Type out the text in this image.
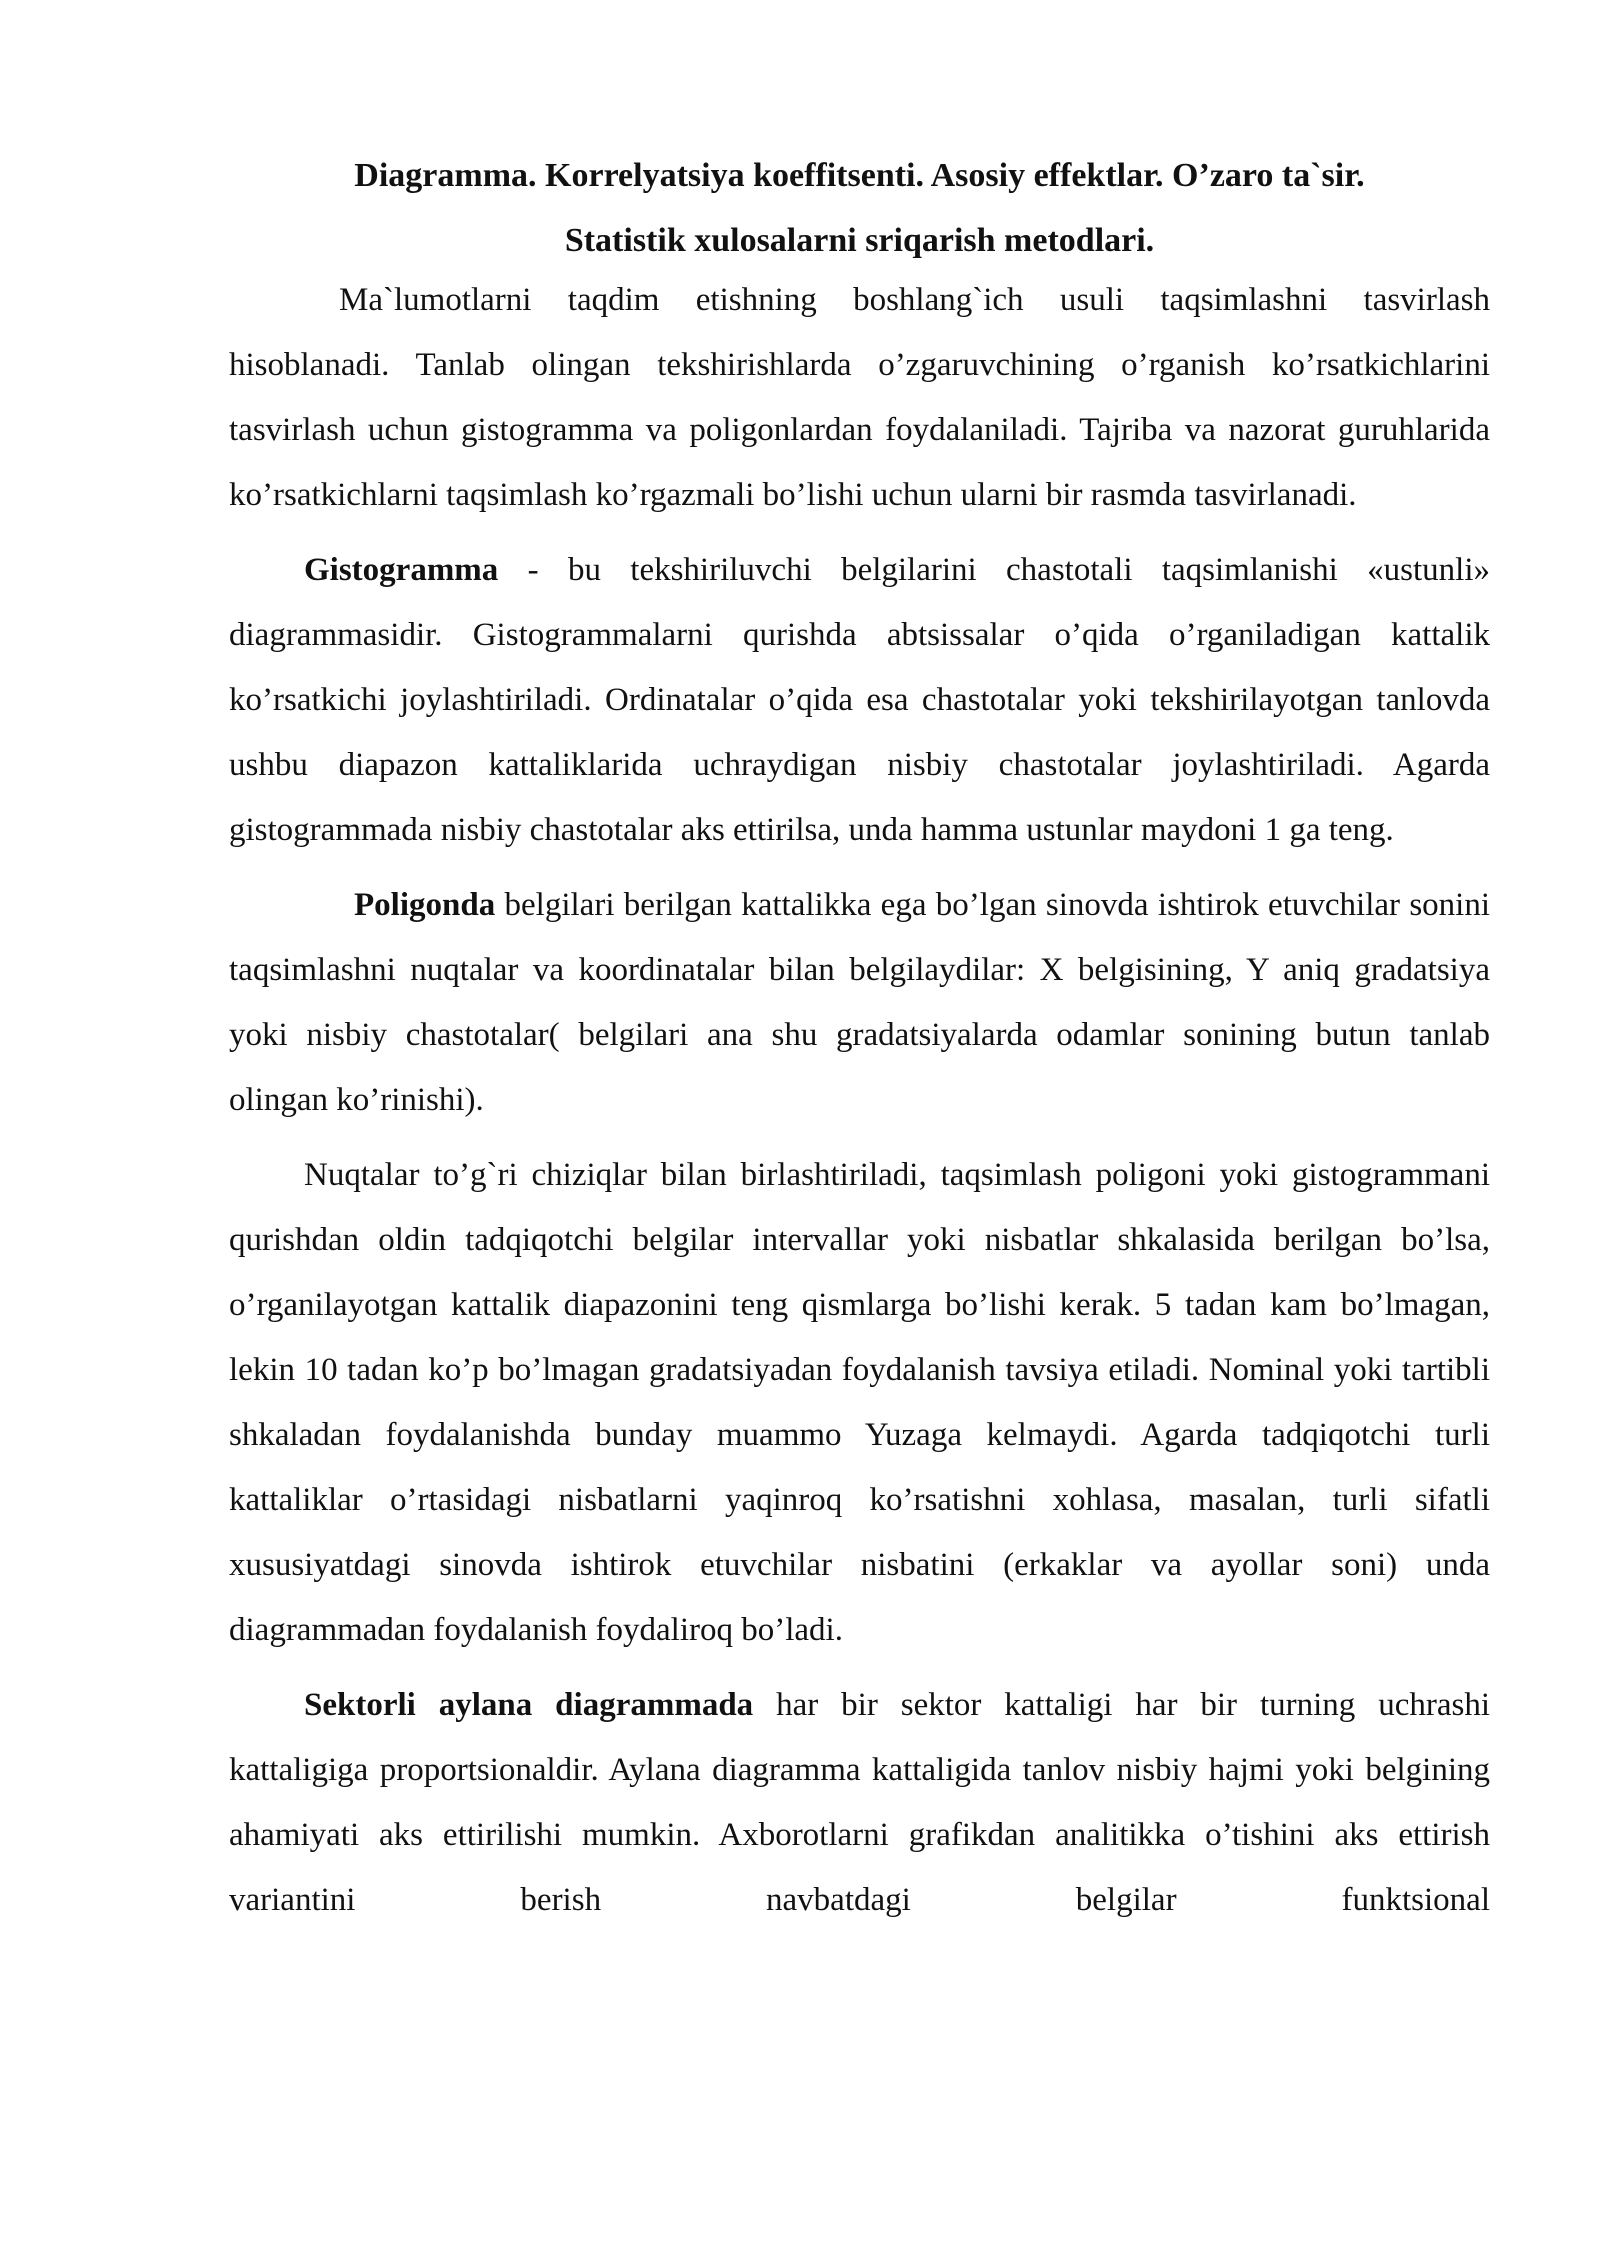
Diagramma. Korrelyatsiya koeffitsenti. Asosiy effektlar. O’zaro ta`sir.

Statistik xulosalarni sriqarish metodlari.

Ma`lumotlarni taqdim etishning boshlang`ich usuli taqsimlashni tasvirlash hisoblanadi. Tanlab olingan tekshirishlarda o’zgaruvchining o’rganish ko’rsatkichlarini tasvirlash uchun gistogramma va poligonlardan foydalaniladi. Tajriba va nazorat guruhlarida ko’rsatkichlarni taqsimlash ko’rgazmali bo’lishi uchun ularni bir rasmda tasvirlanadi.

Gistogramma - bu tekshiriluvchi belgilarini chastotali taqsimlanishi «ustunli» diagrammasidir. Gistogrammalarni qurishda abtsissalar o’qida o’rganiladigan kattalik ko’rsatkichi joylashtiriladi. Ordinatalar o’qida esa chastotalar yoki tekshirilayotgan tanlovda ushbu diapazon kattaliklarida uchraydigan nisbiy chastotalar joylashtiriladi. Agarda gistogrammada nisbiy chastotalar aks ettirilsa, unda hamma ustunlar maydoni 1 ga teng.

Poligonda belgilari berilgan kattalikka ega bo’lgan sinovda ishtirok etuvchilar sonini taqsimlashni nuqtalar va koordinatalar bilan belgilaydilar: X belgisining, Y aniq gradatsiya yoki nisbiy chastotalar( belgilari ana shu gradatsiyalarda odamlar sonining butun tanlab olingan ko’rinishi).

Nuqtalar to’g`ri chiziqlar bilan birlashtiriladi, taqsimlash poligoni yoki gistogrammani qurishdan oldin tadqiqotchi belgilar intervallar yoki nisbatlar shkalasida berilgan bo’lsa, o’rganilayotgan kattalik diapazonini teng qismlarga bo’lishi kerak. 5 tadan kam bo’lmagan, lekin 10 tadan ko’p bo’lmagan gradatsiyadan foydalanish tavsiya etiladi. Nominal yoki tartibli shkaladan foydalanishda bunday muammo Yuzaga kelmaydi. Agarda tadqiqotchi turli kattaliklar o’rtasidagi nisbatlarni yaqinroq ko’rsatishni xohlasa, masalan, turli sifatli xususiyatdagi sinovda ishtirok etuvchilar nisbatini (erkaklar va ayollar soni) unda diagrammadan foydalanish foydaliroq bo’ladi.

Sektorli aylana diagrammada har bir sektor kattaligi har bir turning uchrashi kattaligiga proportsionaldir. Aylana diagramma kattaligida tanlov nisbiy hajmi yoki belgining ahamiyati aks ettirilishi mumkin. Axborotlarni grafikdan analitikka o’tishini aks ettirish variantini berish navbatdagi belgilar funktsional
